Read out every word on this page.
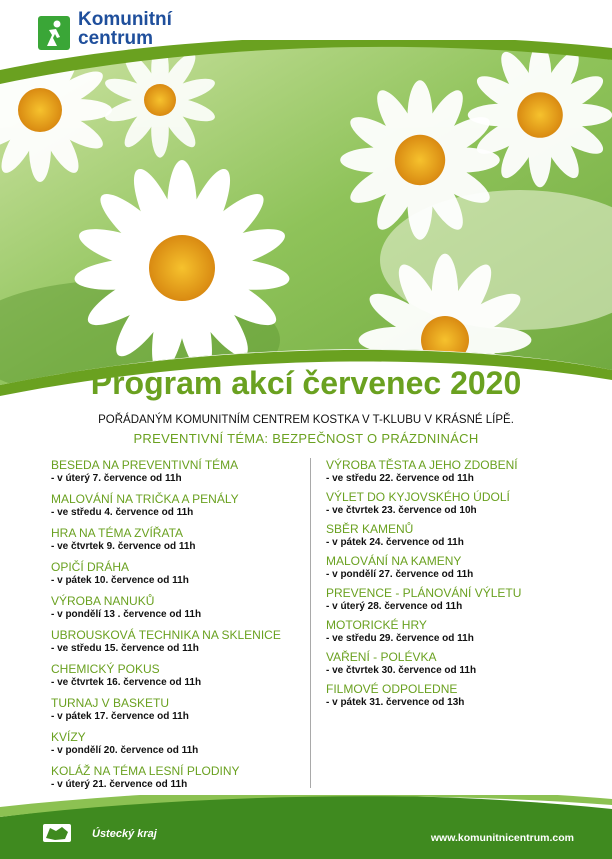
Komunitní
centrum
Program akcí červenec 2020
POŘÁDANÝM KOMUNITNÍM CENTREM KOSTKA V T-KLUBU V KRÁSNÉ LÍPĚ.
PREVENTIVNÍ TÉMA: BEZPEČNOST O PRÁZDNINÁCH
BESEDA NA PREVENTIVNÍ TÉMA
- v úterý 7. července od 11h
MALOVÁNÍ NA TRIČKA A PENÁLY
- ve středu 4. července od 11h
HRA NA TÉMA ZVÍŘATA
- ve čtvrtek 9. července od 11h
OPIČÍ DRÁHA
- v pátek 10. července od 11h
VÝROBA NANUKŮ
- v pondělí 13 . července od 11h
UBROUSKOVÁ TECHNIKA NA SKLENICE
- ve středu 15. července od 11h
CHEMICKÝ POKUS
- ve čtvrtek 16. července od 11h
TURNAJ V BASKETU
- v pátek 17. července od 11h
KVÍZY
- v pondělí 20. července od 11h
KOLÁŽ NA TÉMA LESNÍ PLODINY
- v úterý 21. července od 11h
VÝROBA TĚSTA A JEHO ZDOBENÍ
- ve středu 22. července od 11h
VÝLET DO KYJOVSKÉHO ÚDOLÍ
- ve čtvrtek 23. července od 10h
SBĚR KAMENŮ
- v pátek 24. července od 11h
MALOVÁNÍ NA KAMENY
- v pondělí 27. července od 11h
PREVENCE - PLÁNOVÁNÍ VÝLETU
- v úterý 28. července od 11h
MOTORICKÉ HRY
- ve středu 29. července od 11h
VAŘENÍ - POLÉVKA
- ve čtvrtek 30. července od 11h
FILMOVÉ ODPOLEDNE
- v pátek 31. července od 13h
Ústecký kraj	www.komunitnicentrum.com
